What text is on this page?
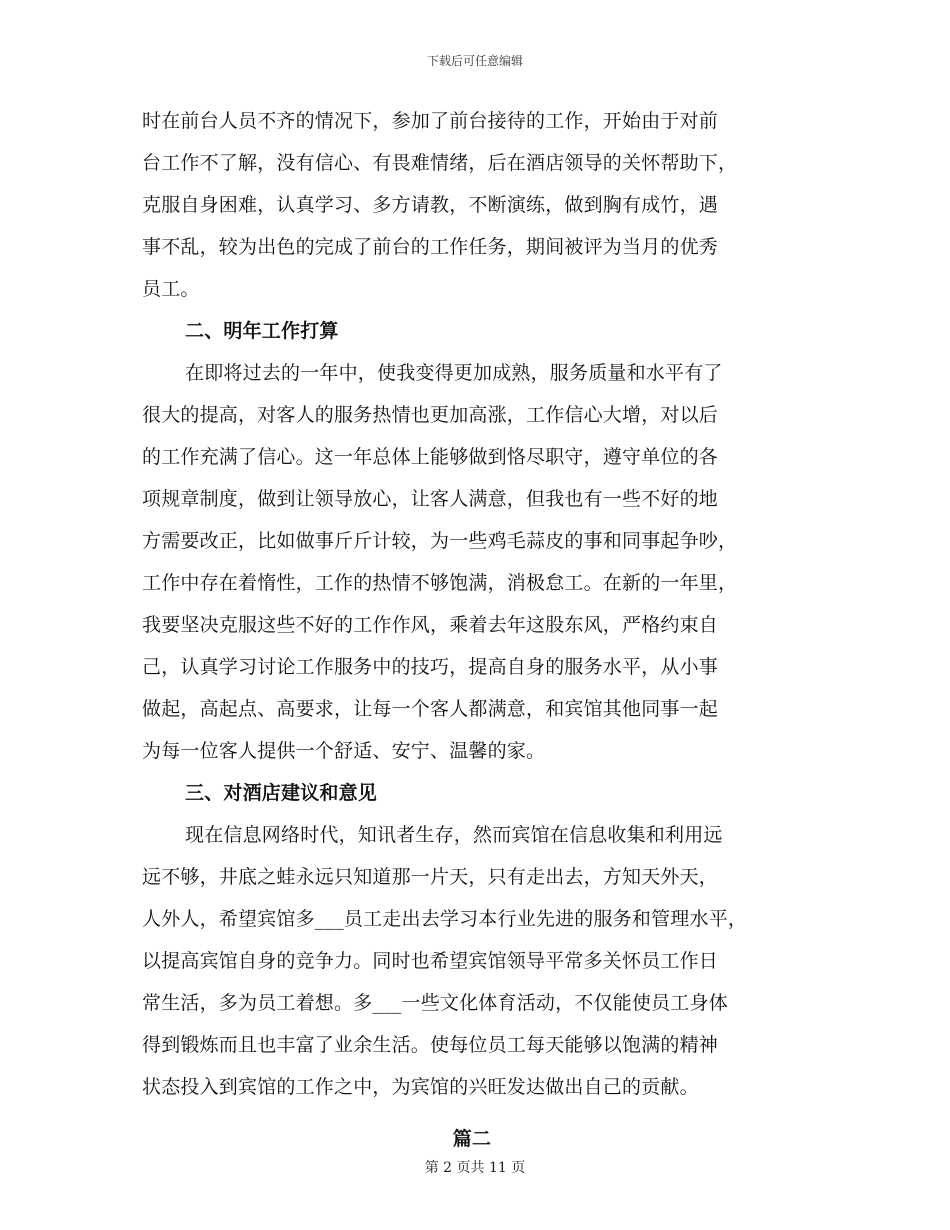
下载后可任意编辑
时在前台人员不齐的情况下，参加了前台接待的工作，开始由于对前
台工作不了解，没有信心、有畏难情绪，后在酒店领导的关怀帮助下，
克服自身困难，认真学习、多方请教，不断演练，做到胸有成竹，遇
事不乱，较为出色的完成了前台的工作任务，期间被评为当月的优秀
员工。
二、明年工作打算
在即将过去的一年中，使我变得更加成熟，服务质量和水平有了
很大的提高，对客人的服务热情也更加高涨，工作信心大增，对以后
的工作充满了信心。这一年总体上能够做到恪尽职守，遵守单位的各
项规章制度，做到让领导放心，让客人满意，但我也有一些不好的地
方需要改正，比如做事斤斤计较，为一些鸡毛蒜皮的事和同事起争吵，
工作中存在着惰性，工作的热情不够饱满，消极怠工。在新的一年里，
我要坚决克服这些不好的工作作风，乘着去年这股东风，严格约束自
己，认真学习讨论工作服务中的技巧，提高自身的服务水平，从小事
做起，高起点、高要求，让每一个客人都满意，和宾馆其他同事一起
为每一位客人提供一个舒适、安宁、温馨的家。
三、对酒店建议和意见
现在信息网络时代，知讯者生存，然而宾馆在信息收集和利用远
远不够，井底之蛙永远只知道那一片天，只有走出去，方知天外天，
人外人，希望宾馆多___员工走出去学习本行业先进的服务和管理水平，
以提高宾馆自身的竞争力。同时也希望宾馆领导平常多关怀员工作日
常生活，多为员工着想。多___一些文化体育活动，不仅能使员工身体
得到锻炼而且也丰富了业余生活。使每位员工每天能够以饱满的精神
状态投入到宾馆的工作之中，为宾馆的兴旺发达做出自己的贡献。
篇二
第 2 页共 11 页
